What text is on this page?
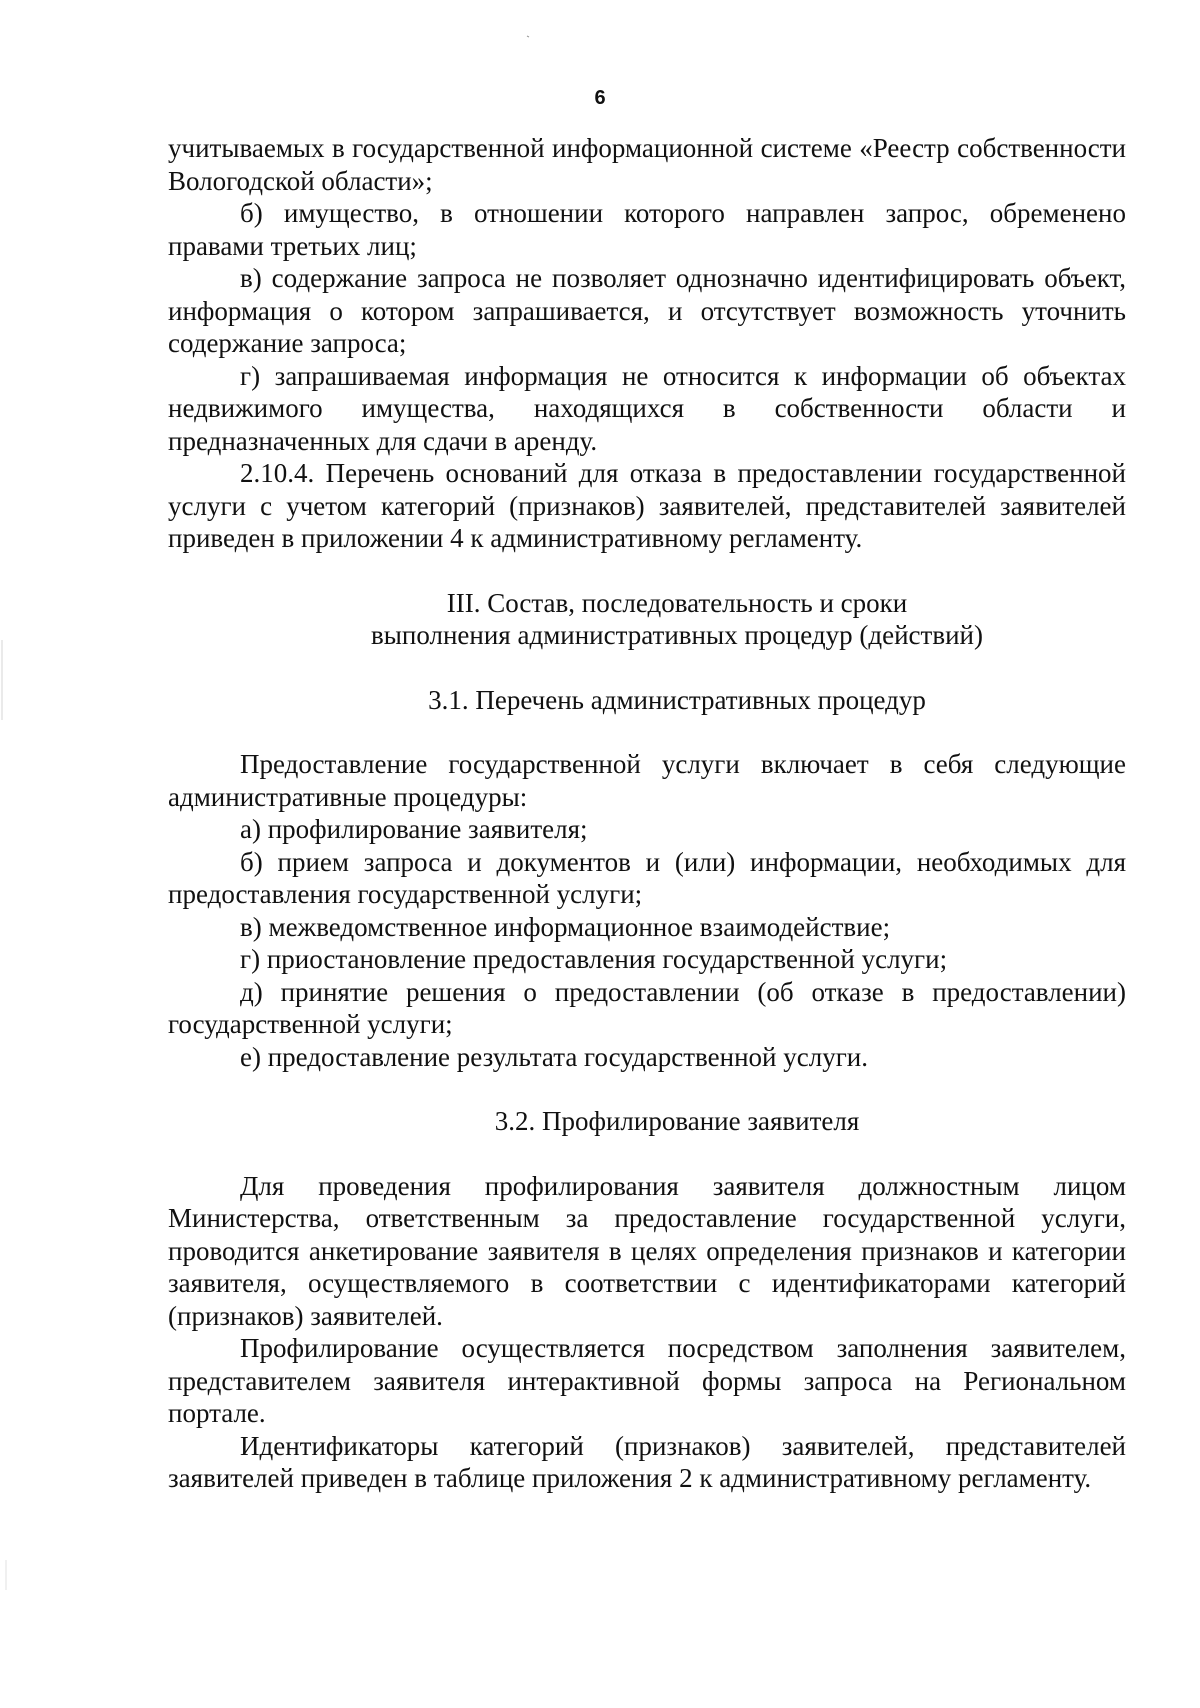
6

учитываемых в государственной информационной системе «Реестр собственности Вологодской области»;

б) имущество, в отношении которого направлен запрос, обременено правами третьих лиц;

в) содержание запроса не позволяет однозначно идентифицировать объект, информация о котором запрашивается, и отсутствует возможность уточнить содержание запроса;

г) запрашиваемая информация не относится к информации об объектах недвижимого имущества, находящихся в собственности области и предназначенных для сдачи в аренду.

2.10.4. Перечень оснований для отказа в предоставлении государственной услуги с учетом категорий (признаков) заявителей, представителей заявителей приведен в приложении 4 к административному регламенту.

III. Состав, последовательность и сроки

выполнения административных процедур (действий)

3.1. Перечень административных процедур

Предоставление государственной услуги включает в себя следующие административные процедуры:

а) профилирование заявителя;

б) прием запроса и документов и (или) информации, необходимых для предоставления государственной услуги;

в) межведомственное информационное взаимодействие;

г) приостановление предоставления государственной услуги;

д) принятие решения о предоставлении (об отказе в предоставлении) государственной услуги;

е) предоставление результата государственной услуги.

3.2. Профилирование заявителя

Для проведения профилирования заявителя должностным лицом Министерства, ответственным за предоставление государственной услуги, проводится анкетирование заявителя в целях определения признаков и категории заявителя, осуществляемого в соответствии с идентификаторами категорий (признаков) заявителей.

Профилирование осуществляется посредством заполнения заявителем, представителем заявителя интерактивной формы запроса на Региональном портале.

Идентификаторы категорий (признаков) заявителей, представителей заявителей приведен в таблице приложения 2 к административному регламенту.
